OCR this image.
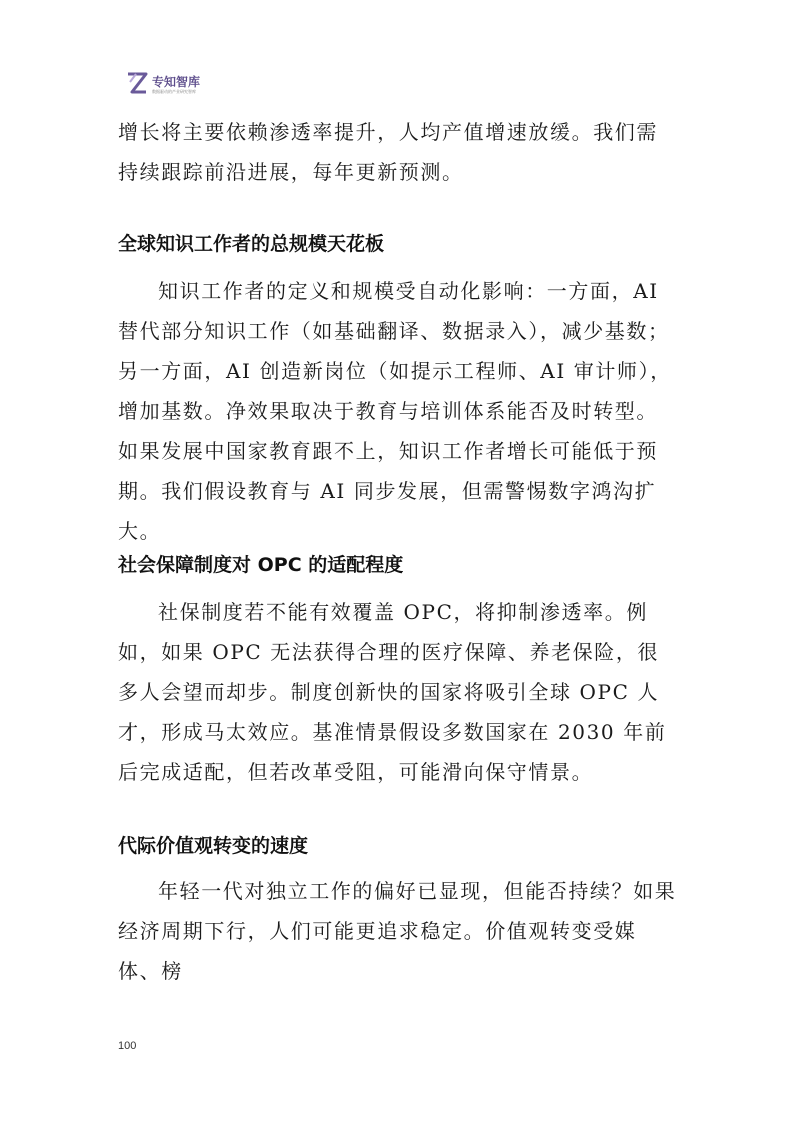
专知智库
数据驱动的产业研究智库

增长将主要依赖渗透率提升，人均产值增速放缓。我们需持续跟踪前沿进展，每年更新预测。

全球知识工作者的总规模天花板

知识工作者的定义和规模受自动化影响：一方面，AI 替代部分知识工作（如基础翻译、数据录入），减少基数；另一方面，AI 创造新岗位（如提示工程师、AI 审计师），增加基数。净效果取决于教育与培训体系能否及时转型。如果发展中国家教育跟不上，知识工作者增长可能低于预期。我们假设教育与 AI 同步发展，但需警惕数字鸿沟扩大。

社会保障制度对 OPC 的适配程度

社保制度若不能有效覆盖 OPC，将抑制渗透率。例如，如果 OPC 无法获得合理的医疗保障、养老保险，很多人会望而却步。制度创新快的国家将吸引全球 OPC 人才，形成马太效应。基准情景假设多数国家在 2030 年前后完成适配，但若改革受阻，可能滑向保守情景。

代际价值观转变的速度

年轻一代对独立工作的偏好已显现，但能否持续？如果经济周期下行，人们可能更追求稳定。价值观转变受媒体、榜

100
